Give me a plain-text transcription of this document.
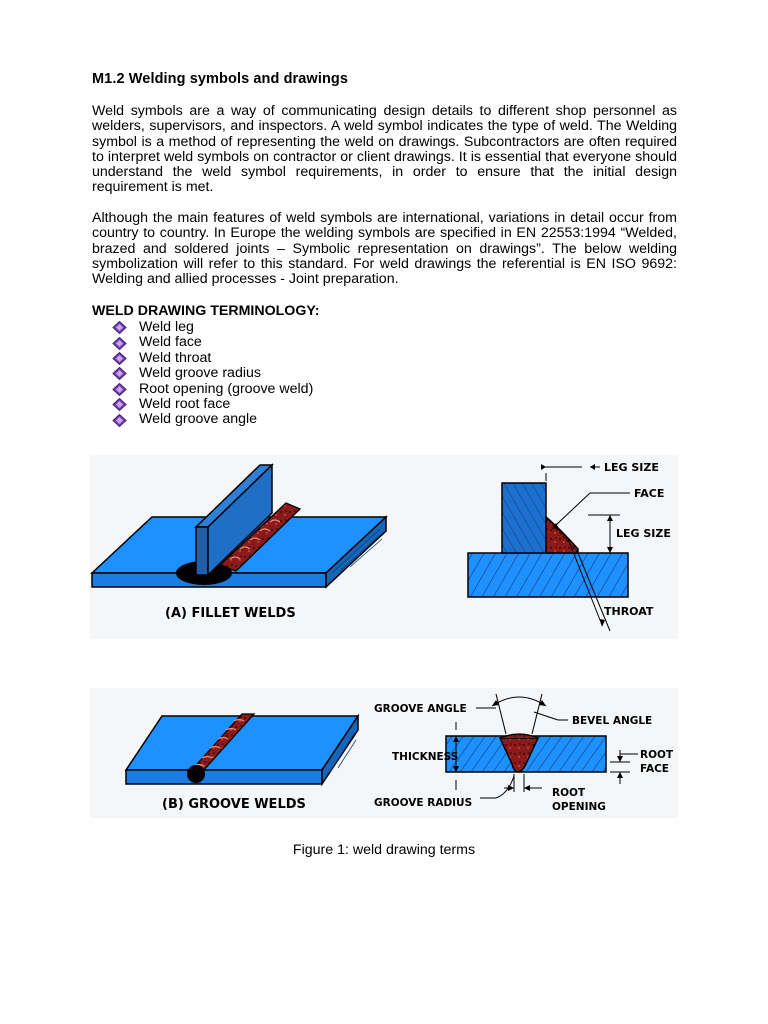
M1.2 Welding symbols and drawings

Weld symbols are a way of communicating design details to different shop personnel as welders, supervisors, and inspectors. A weld symbol indicates the type of weld. The Welding symbol is a method of representing the weld on drawings. Subcontractors are often required to interpret weld symbols on contractor or client drawings. It is essential that everyone should understand the weld symbol requirements, in order to ensure that the initial design requirement is met.

Although the main features of weld symbols are international, variations in detail occur from country to country. In Europe the welding symbols are specified in EN 22553:1994 “Welded, brazed and soldered joints – Symbolic representation on drawings”. The below welding symbolization will refer to this standard. For weld drawings the referential is EN ISO 9692: Welding and allied processes - Joint preparation.

WELD DRAWING TERMINOLOGY:
Weld leg
Weld face
Weld throat
Weld groove radius
Root opening (groove weld)
Weld root face
Weld groove angle
(A) FILLET WELDS
LEG SIZE
FACE
LEG SIZE
THROAT
(B) GROOVE WELDS
GROOVE ANGLE
BEVEL ANGLE
THICKNESS	ROOT
FACE
GROOVE RADIUS
ROOT
OPENING
Figure 1: weld drawing terms
